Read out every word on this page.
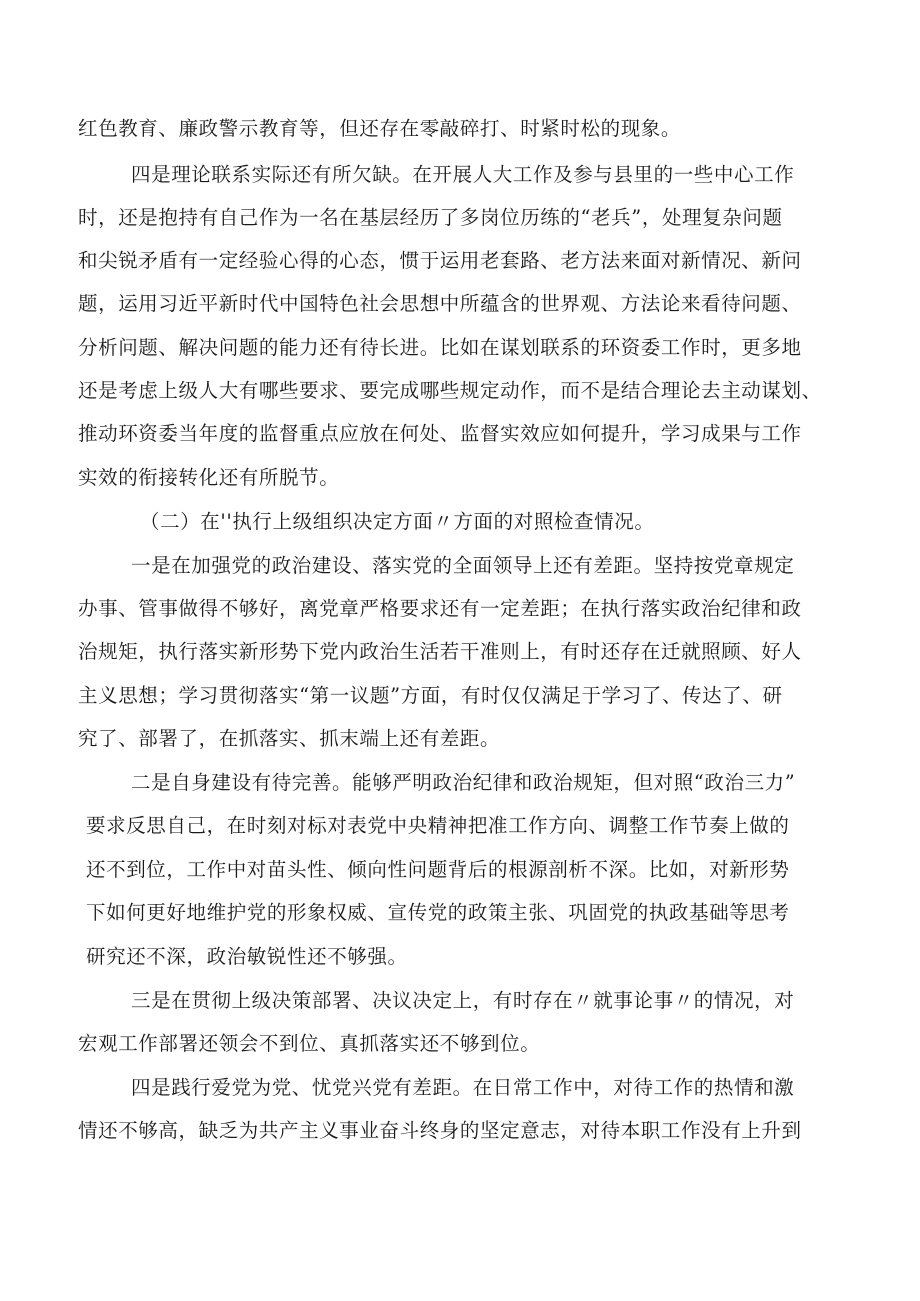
红色教育、廉政警示教育等，但还存在零敲碎打、时紧时松的现象。
四是理论联系实际还有所欠缺。在开展人大工作及参与县里的一些中心工作
时，还是抱持有自己作为一名在基层经历了多岗位历练的“老兵”，处理复杂问题
和尖锐矛盾有一定经验心得的心态，惯于运用老套路、老方法来面对新情况、新问
题，运用习近平新时代中国特色社会思想中所蕴含的世界观、方法论来看待问题、
分析问题、解决问题的能力还有待长进。比如在谋划联系的环资委工作时，更多地
还是考虑上级人大有哪些要求、要完成哪些规定动作，而不是结合理论去主动谋划、
推动环资委当年度的监督重点应放在何处、监督实效应如何提升，学习成果与工作
实效的衔接转化还有所脱节。
（二）在''执行上级组织决定方面〃方面的对照检查情况。
一是在加强党的政治建设、落实党的全面领导上还有差距。坚持按党章规定
办事、管事做得不够好，离党章严格要求还有一定差距；在执行落实政治纪律和政
治规矩，执行落实新形势下党内政治生活若干准则上，有时还存在迁就照顾、好人
主义思想；学习贯彻落实“第一议题”方面，有时仅仅满足于学习了、传达了、研
究了、部署了，在抓落实、抓末端上还有差距。
二是自身建设有待完善。能够严明政治纪律和政治规矩，但对照“政治三力”
要求反思自己，在时刻对标对表党中央精神把准工作方向、调整工作节奏上做的
还不到位，工作中对苗头性、倾向性问题背后的根源剖析不深。比如，对新形势
下如何更好地维护党的形象权威、宣传党的政策主张、巩固党的执政基础等思考
研究还不深，政治敏锐性还不够强。
三是在贯彻上级决策部署、决议决定上，有时存在〃就事论事〃的情况，对
宏观工作部署还领会不到位、真抓落实还不够到位。
四是践行爱党为党、忧党兴党有差距。在日常工作中，对待工作的热情和激
情还不够高，缺乏为共产主义事业奋斗终身的坚定意志，对待本职工作没有上升到
